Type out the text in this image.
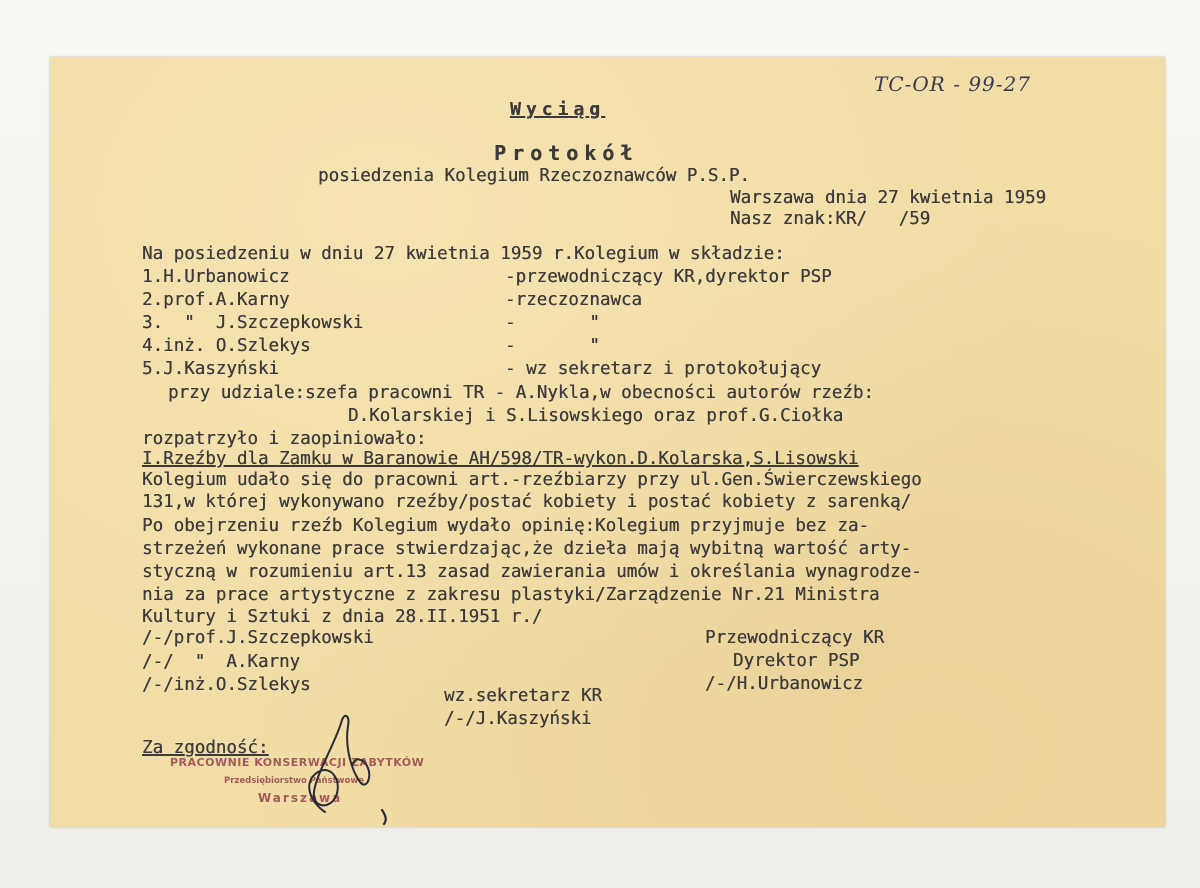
TC-OR - 99-27
Wyciąg
Protokół
posiedzenia Kolegium Rzeczoznawców P.S.P.
Warszawa dnia 27 kwietnia 1959
Nasz znak:KR/   /59
Na posiedzeniu w dniu 27 kwietnia 1959 r.Kolegium w składzie:
1.H.Urbanowicz	-przewodniczący KR,dyrektor PSP
2.prof.A.Karny	-rzeczoznawca
3.  "  J.Szczepkowski	-       "
4.inż. O.Szlekys	-       "
5.J.Kaszyński	- wz sekretarz i protokołujący
przy udziale:szefa pracowni TR - A.Nykla,w obecności autorów rzeźb:
D.Kolarskiej i S.Lisowskiego oraz prof.G.Ciołka
rozpatrzyło i zaopiniowało:
I.Rzeźby dla Zamku w Baranowie AH/598/TR-wykon.D.Kolarska,S.Lisowski
Kolegium udało się do pracowni art.-rzeźbiarzy przy ul.Gen.Świerczewskiego
131,w której wykonywano rzeźby/postać kobiety i postać kobiety z sarenką/
Po obejrzeniu rzeźb Kolegium wydało opinię:Kolegium przyjmuje bez za-
strzeżeń wykonane prace stwierdzając,że dzieła mają wybitną wartość arty-
styczną w rozumieniu art.13 zasad zawierania umów i określania wynagrodze-
nia za prace artystyczne z zakresu plastyki/Zarządzenie Nr.21 Ministra
Kultury i Sztuki z dnia 28.II.1951 r./
/-/prof.J.Szczepkowski
/-/  "  A.Karny
/-/inż.O.Szlekys
Przewodniczący KR
Dyrektor PSP
/-/H.Urbanowicz
wz.sekretarz KR
/-/J.Kaszyński
Za zgodność:
PRACOWNIE KONSERWACJI ZABYTKÓW
Przedsiębiorstwo Państwowe
Warszawa
